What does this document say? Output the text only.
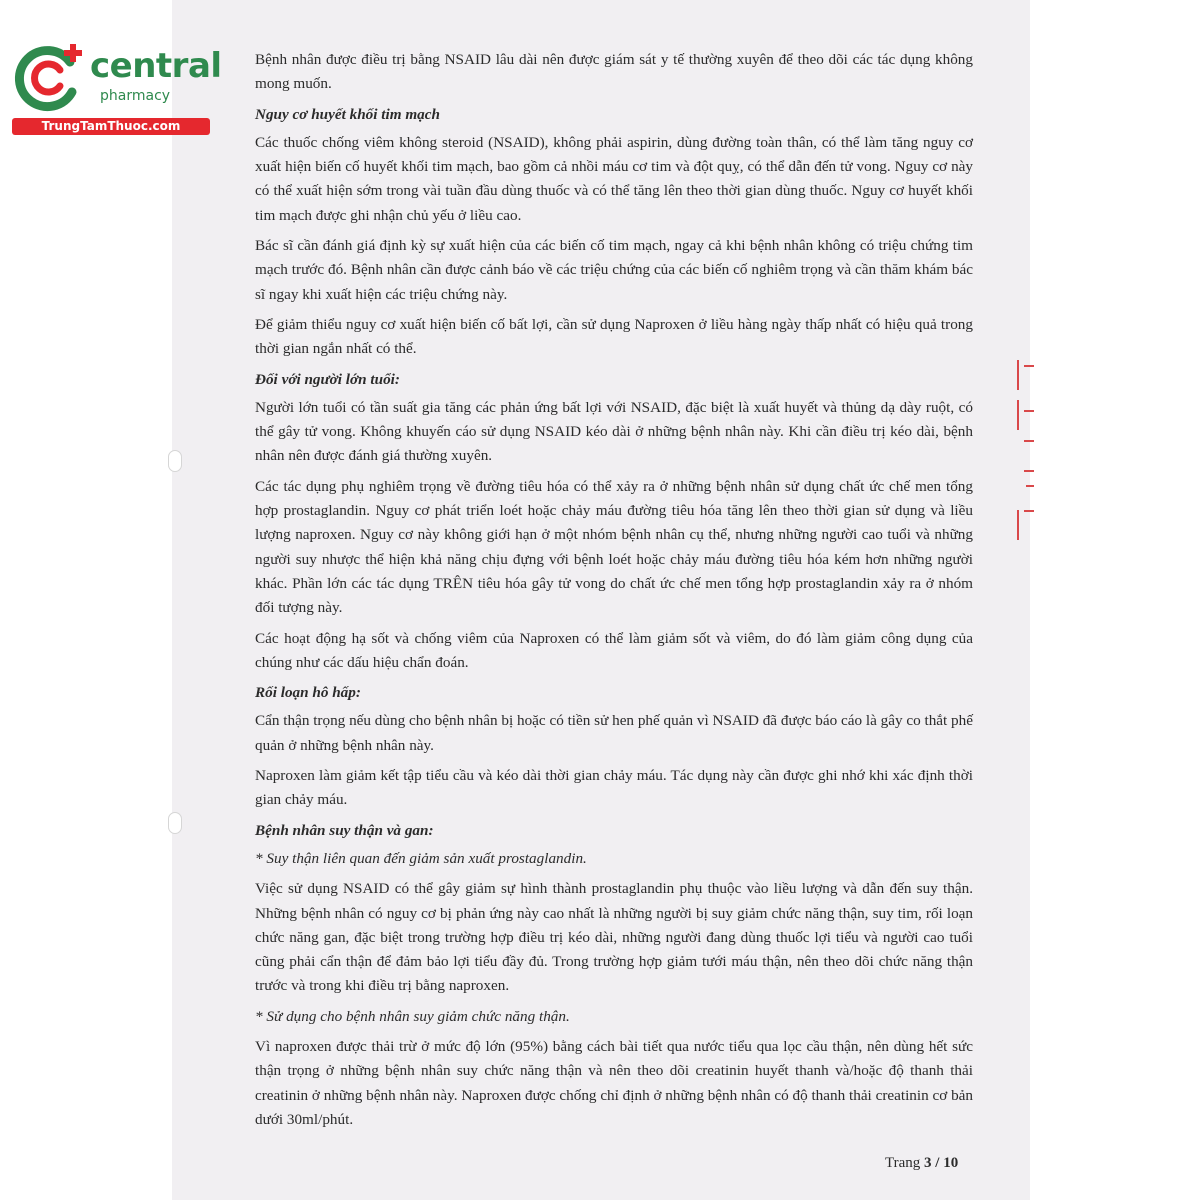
central
pharmacy
TrungTamThuoc.com

Bệnh nhân được điều trị bằng NSAID lâu dài nên được giám sát y tế thường xuyên để theo dõi các tác dụng không mong muốn.

Nguy cơ huyết khối tim mạch

Các thuốc chống viêm không steroid (NSAID), không phải aspirin, dùng đường toàn thân, có thể làm tăng nguy cơ xuất hiện biến cố huyết khối tim mạch, bao gồm cả nhồi máu cơ tim và đột quỵ, có thể dẫn đến tử vong. Nguy cơ này có thể xuất hiện sớm trong vài tuần đầu dùng thuốc và có thể tăng lên theo thời gian dùng thuốc. Nguy cơ huyết khối tim mạch được ghi nhận chủ yếu ở liều cao.

Bác sĩ cần đánh giá định kỳ sự xuất hiện của các biến cố tim mạch, ngay cả khi bệnh nhân không có triệu chứng tim mạch trước đó. Bệnh nhân cần được cảnh báo về các triệu chứng của các biến cố nghiêm trọng và cần thăm khám bác sĩ ngay khi xuất hiện các triệu chứng này.

Để giảm thiểu nguy cơ xuất hiện biến cố bất lợi, cần sử dụng Naproxen ở liều hàng ngày thấp nhất có hiệu quả trong thời gian ngắn nhất có thể.

Đối với người lớn tuổi:

Người lớn tuổi có tần suất gia tăng các phản ứng bất lợi với NSAID, đặc biệt là xuất huyết và thủng dạ dày ruột, có thể gây tử vong. Không khuyến cáo sử dụng NSAID kéo dài ở những bệnh nhân này. Khi cần điều trị kéo dài, bệnh nhân nên được đánh giá thường xuyên.

Các tác dụng phụ nghiêm trọng về đường tiêu hóa có thể xảy ra ở những bệnh nhân sử dụng chất ức chế men tổng hợp prostaglandin. Nguy cơ phát triển loét hoặc chảy máu đường tiêu hóa tăng lên theo thời gian sử dụng và liều lượng naproxen. Nguy cơ này không giới hạn ở một nhóm bệnh nhân cụ thể, nhưng những người cao tuổi và những người suy nhược thể hiện khả năng chịu đựng với bệnh loét hoặc chảy máu đường tiêu hóa kém hơn những người khác. Phần lớn các tác dụng TRÊN tiêu hóa gây tử vong do chất ức chế men tổng hợp prostaglandin xảy ra ở nhóm đối tượng này.

Các hoạt động hạ sốt và chống viêm của Naproxen có thể làm giảm sốt và viêm, do đó làm giảm công dụng của chúng như các dấu hiệu chẩn đoán.

Rối loạn hô hấp:

Cẩn thận trọng nếu dùng cho bệnh nhân bị hoặc có tiền sử hen phế quản vì NSAID đã được báo cáo là gây co thắt phế quản ở những bệnh nhân này.

Naproxen làm giảm kết tập tiểu cầu và kéo dài thời gian chảy máu. Tác dụng này cần được ghi nhớ khi xác định thời gian chảy máu.

Bệnh nhân suy thận và gan:

* Suy thận liên quan đến giảm sản xuất prostaglandin.

Việc sử dụng NSAID có thể gây giảm sự hình thành prostaglandin phụ thuộc vào liều lượng và dẫn đến suy thận. Những bệnh nhân có nguy cơ bị phản ứng này cao nhất là những người bị suy giảm chức năng thận, suy tim, rối loạn chức năng gan, đặc biệt trong trường hợp điều trị kéo dài, những người đang dùng thuốc lợi tiểu và người cao tuổi cũng phải cẩn thận để đảm bảo lợi tiểu đầy đủ. Trong trường hợp giảm tưới máu thận, nên theo dõi chức năng thận trước và trong khi điều trị bằng naproxen.

* Sử dụng cho bệnh nhân suy giảm chức năng thận.

Vì naproxen được thải trừ ở mức độ lớn (95%) bằng cách bài tiết qua nước tiểu qua lọc cầu thận, nên dùng hết sức thận trọng ở những bệnh nhân suy chức năng thận và nên theo dõi creatinin huyết thanh và/hoặc độ thanh thải creatinin ở những bệnh nhân này. Naproxen được chống chỉ định ở những bệnh nhân có độ thanh thải creatinin cơ bản dưới 30ml/phút.

Trang 3 / 10
